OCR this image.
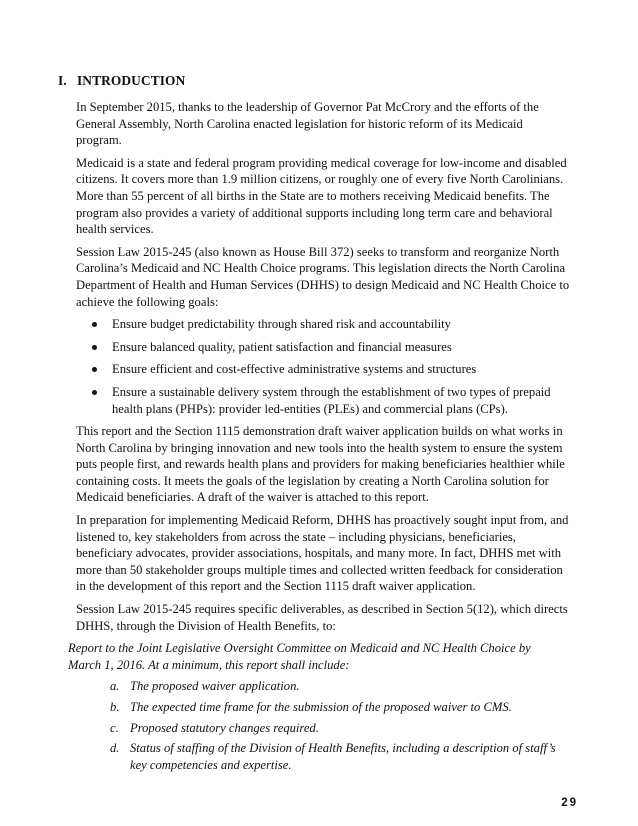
I. INTRODUCTION

In September 2015, thanks to the leadership of Governor Pat McCrory and the efforts of the General Assembly, North Carolina enacted legislation for historic reform of its Medicaid program.

Medicaid is a state and federal program providing medical coverage for low-income and disabled citizens. It covers more than 1.9 million citizens, or roughly one of every five North Carolinians. More than 55 percent of all births in the State are to mothers receiving Medicaid benefits. The program also provides a variety of additional supports including long term care and behavioral health services.

Session Law 2015-245 (also known as House Bill 372) seeks to transform and reorganize North Carolina’s Medicaid and NC Health Choice programs. This legislation directs the North Carolina Department of Health and Human Services (DHHS) to design Medicaid and NC Health Choice to achieve the following goals:

Ensure budget predictability through shared risk and accountability
Ensure balanced quality, patient satisfaction and financial measures
Ensure efficient and cost-effective administrative systems and structures
Ensure a sustainable delivery system through the establishment of two types of prepaid health plans (PHPs): provider led-entities (PLEs) and commercial plans (CPs).

This report and the Section 1115 demonstration draft waiver application builds on what works in North Carolina by bringing innovation and new tools into the health system to ensure the system puts people first, and rewards health plans and providers for making beneficiaries healthier while containing costs. It meets the goals of the legislation by creating a North Carolina solution for Medicaid beneficiaries. A draft of the waiver is attached to this report.

In preparation for implementing Medicaid Reform, DHHS has proactively sought input from, and listened to, key stakeholders from across the state – including physicians, beneficiaries, beneficiary advocates, provider associations, hospitals, and many more. In fact, DHHS met with more than 50 stakeholder groups multiple times and collected written feedback for consideration in the development of this report and the Section 1115 draft waiver application.

Session Law 2015-245 requires specific deliverables, as described in Section 5(12), which directs DHHS, through the Division of Health Benefits, to:

Report to the Joint Legislative Oversight Committee on Medicaid and NC Health Choice by March 1, 2016. At a minimum, this report shall include:

a. The proposed waiver application.
b. The expected time frame for the submission of the proposed waiver to CMS.
c. Proposed statutory changes required.
d. Status of staffing of the Division of Health Benefits, including a description of staff’s key competencies and expertise.
29
